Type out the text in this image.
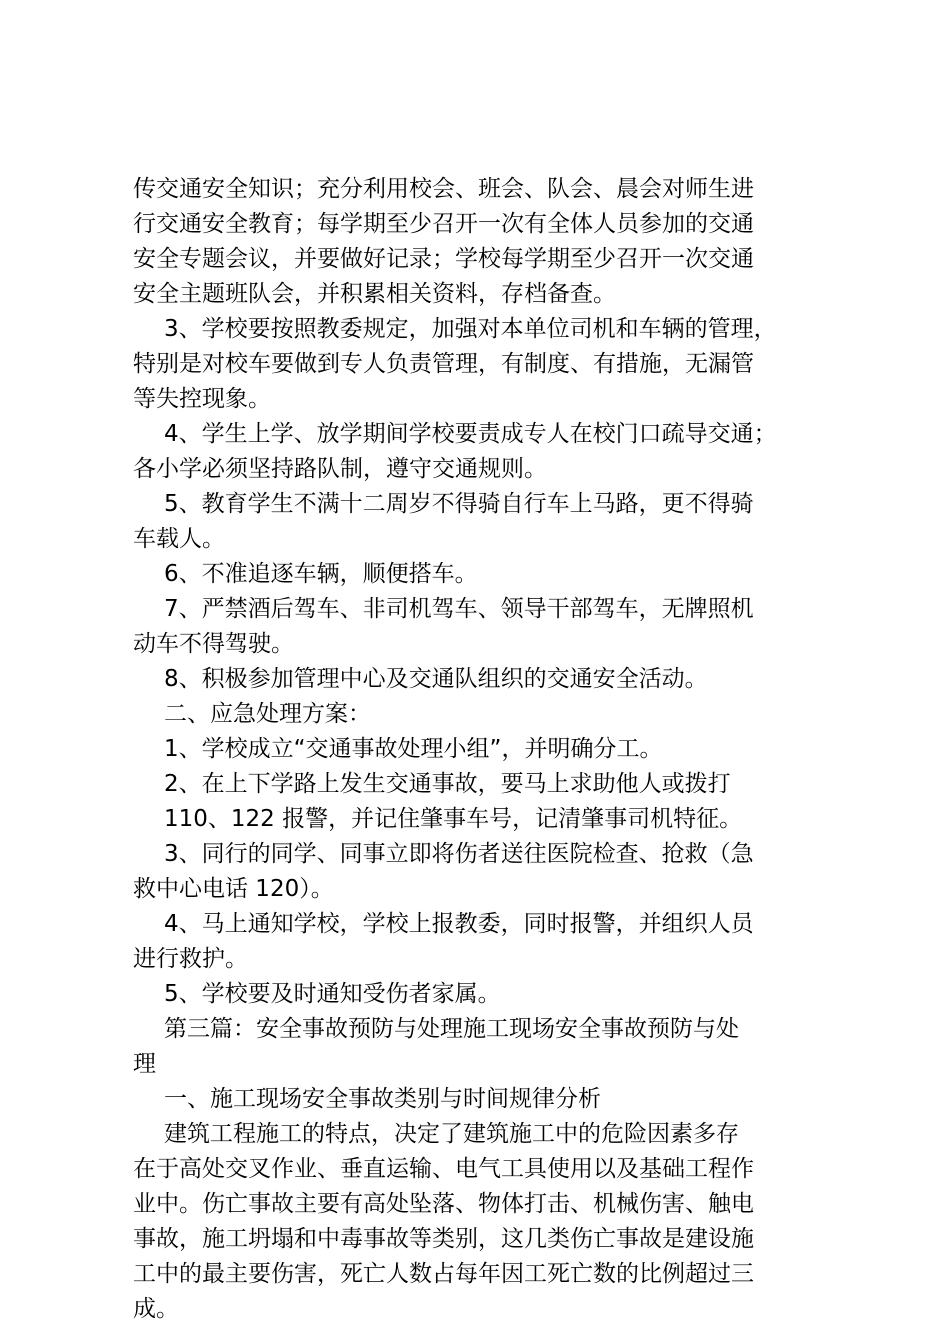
传交通安全知识；充分利用校会、班会、队会、晨会对师生进
行交通安全教育；每学期至少召开一次有全体人员参加的交通
安全专题会议，并要做好记录；学校每学期至少召开一次交通
安全主题班队会，并积累相关资料，存档备查。
3、学校要按照教委规定，加强对本单位司机和车辆的管理，
特别是对校车要做到专人负责管理，有制度、有措施，无漏管
等失控现象。
4、学生上学、放学期间学校要责成专人在校门口疏导交通；
各小学必须坚持路队制，遵守交通规则。
5、教育学生不满十二周岁不得骑自行车上马路，更不得骑
车载人。
6、不准追逐车辆，顺便搭车。
7、严禁酒后驾车、非司机驾车、领导干部驾车，无牌照机
动车不得驾驶。
8、积极参加管理中心及交通队组织的交通安全活动。
二、应急处理方案：
1、学校成立“交通事故处理小组”，并明确分工。
2、在上下学路上发生交通事故，要马上求助他人或拨打
110、122 报警，并记住肇事车号，记清肇事司机特征。
3、同行的同学、同事立即将伤者送往医院检查、抢救（急
救中心电话 120）。
4、马上通知学校，学校上报教委，同时报警，并组织人员
进行救护。
5、学校要及时通知受伤者家属。
第三篇：安全事故预防与处理施工现场安全事故预防与处
理
一、施工现场安全事故类别与时间规律分析
建筑工程施工的特点，决定了建筑施工中的危险因素多存
在于高处交叉作业、垂直运输、电气工具使用以及基础工程作
业中。伤亡事故主要有高处坠落、物体打击、机械伤害、触电
事故，施工坍塌和中毒事故等类别，这几类伤亡事故是建设施
工中的最主要伤害，死亡人数占每年因工死亡数的比例超过三
成。
